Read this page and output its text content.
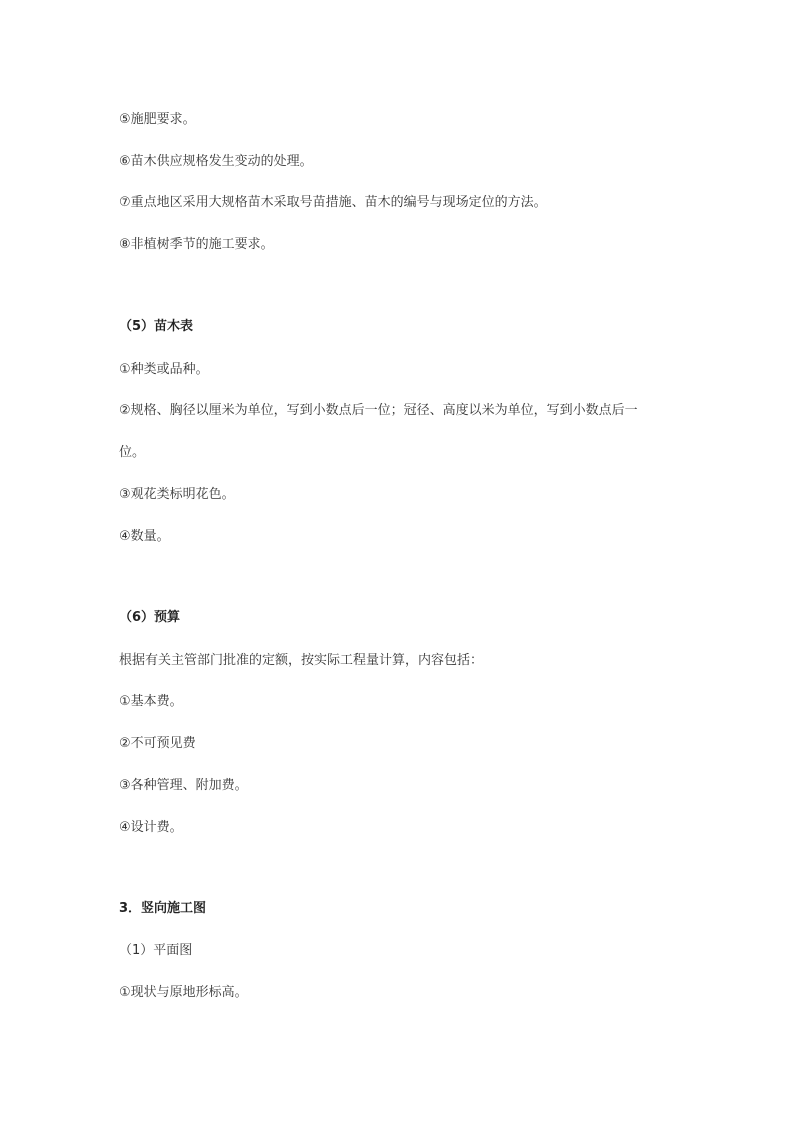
⑤施肥要求。
⑥苗木供应规格发生变动的处理。
⑦重点地区采用大规格苗木采取号苗措施、苗木的编号与现场定位的方法。
⑧非植树季节的施工要求。
（5）苗木表
①种类或品种。
②规格、胸径以厘米为单位，写到小数点后一位；冠径、高度以米为单位，写到小数点后一
位。
③观花类标明花色。
④数量。
（6）预算
根据有关主管部门批准的定额，按实际工程量计算，内容包括：
①基本费。
②不可预见费
③各种管理、附加费。
④设计费。
3．竖向施工图
（1）平面图
①现状与原地形标高。
